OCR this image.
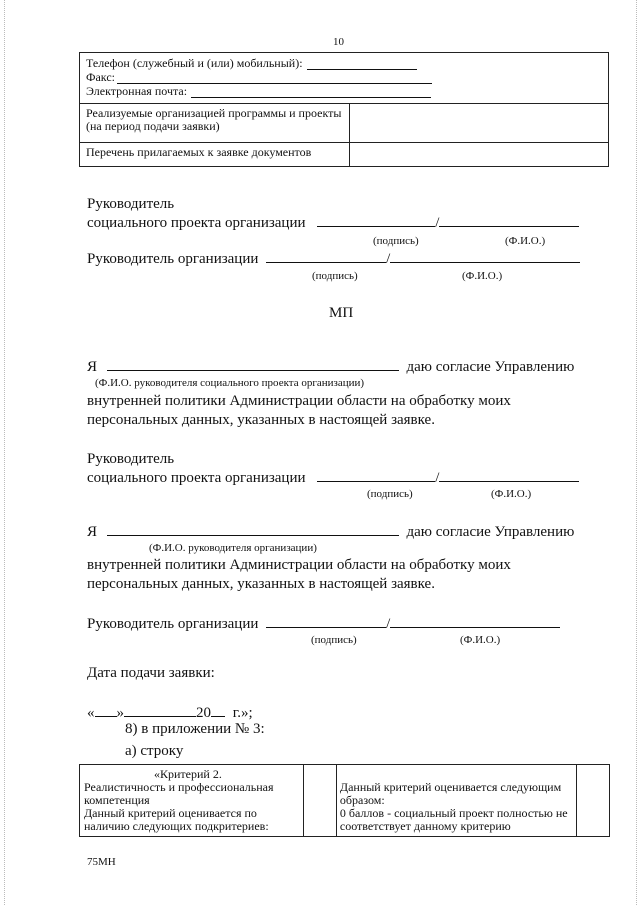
10
Телефон (служебный и (или) мобильный):
Факс:
Электронная почта:	

Реализуемые организацией программы и проекты (на период подачи заявки)	
Перечень прилагаемых к заявке документов	
Руководитель
социального проекта организации	/
(подпись)	(Ф.И.О.)
Руководитель организации	/
(подпись)	(Ф.И.О.)
МП
Я	даю согласие Управлению
(Ф.И.О. руководителя социального проекта организации)
внутренней политики Администрации области на обработку моих
персональных данных, указанных в настоящей заявке.
Руководитель
социального проекта организации	/
(подпись)	(Ф.И.О.)
Я	даю согласие Управлению
(Ф.И.О. руководителя организации)
внутренней политики Администрации области на обработку моих
персональных данных, указанных в настоящей заявке.
Руководитель организации	/
(подпись)	(Ф.И.О.)
Дата подачи заявки:
« »	20 г.»;
8) в приложении № 3:
а) строку
«Критерий 2.
Реалистичность и профессиональная компетенция
Данный критерий оценивается по наличию следующих подкритериев:

Данный критерий оценивается следующим образом:
0 баллов - социальный проект полностью не соответствует данному критерию

75МН
